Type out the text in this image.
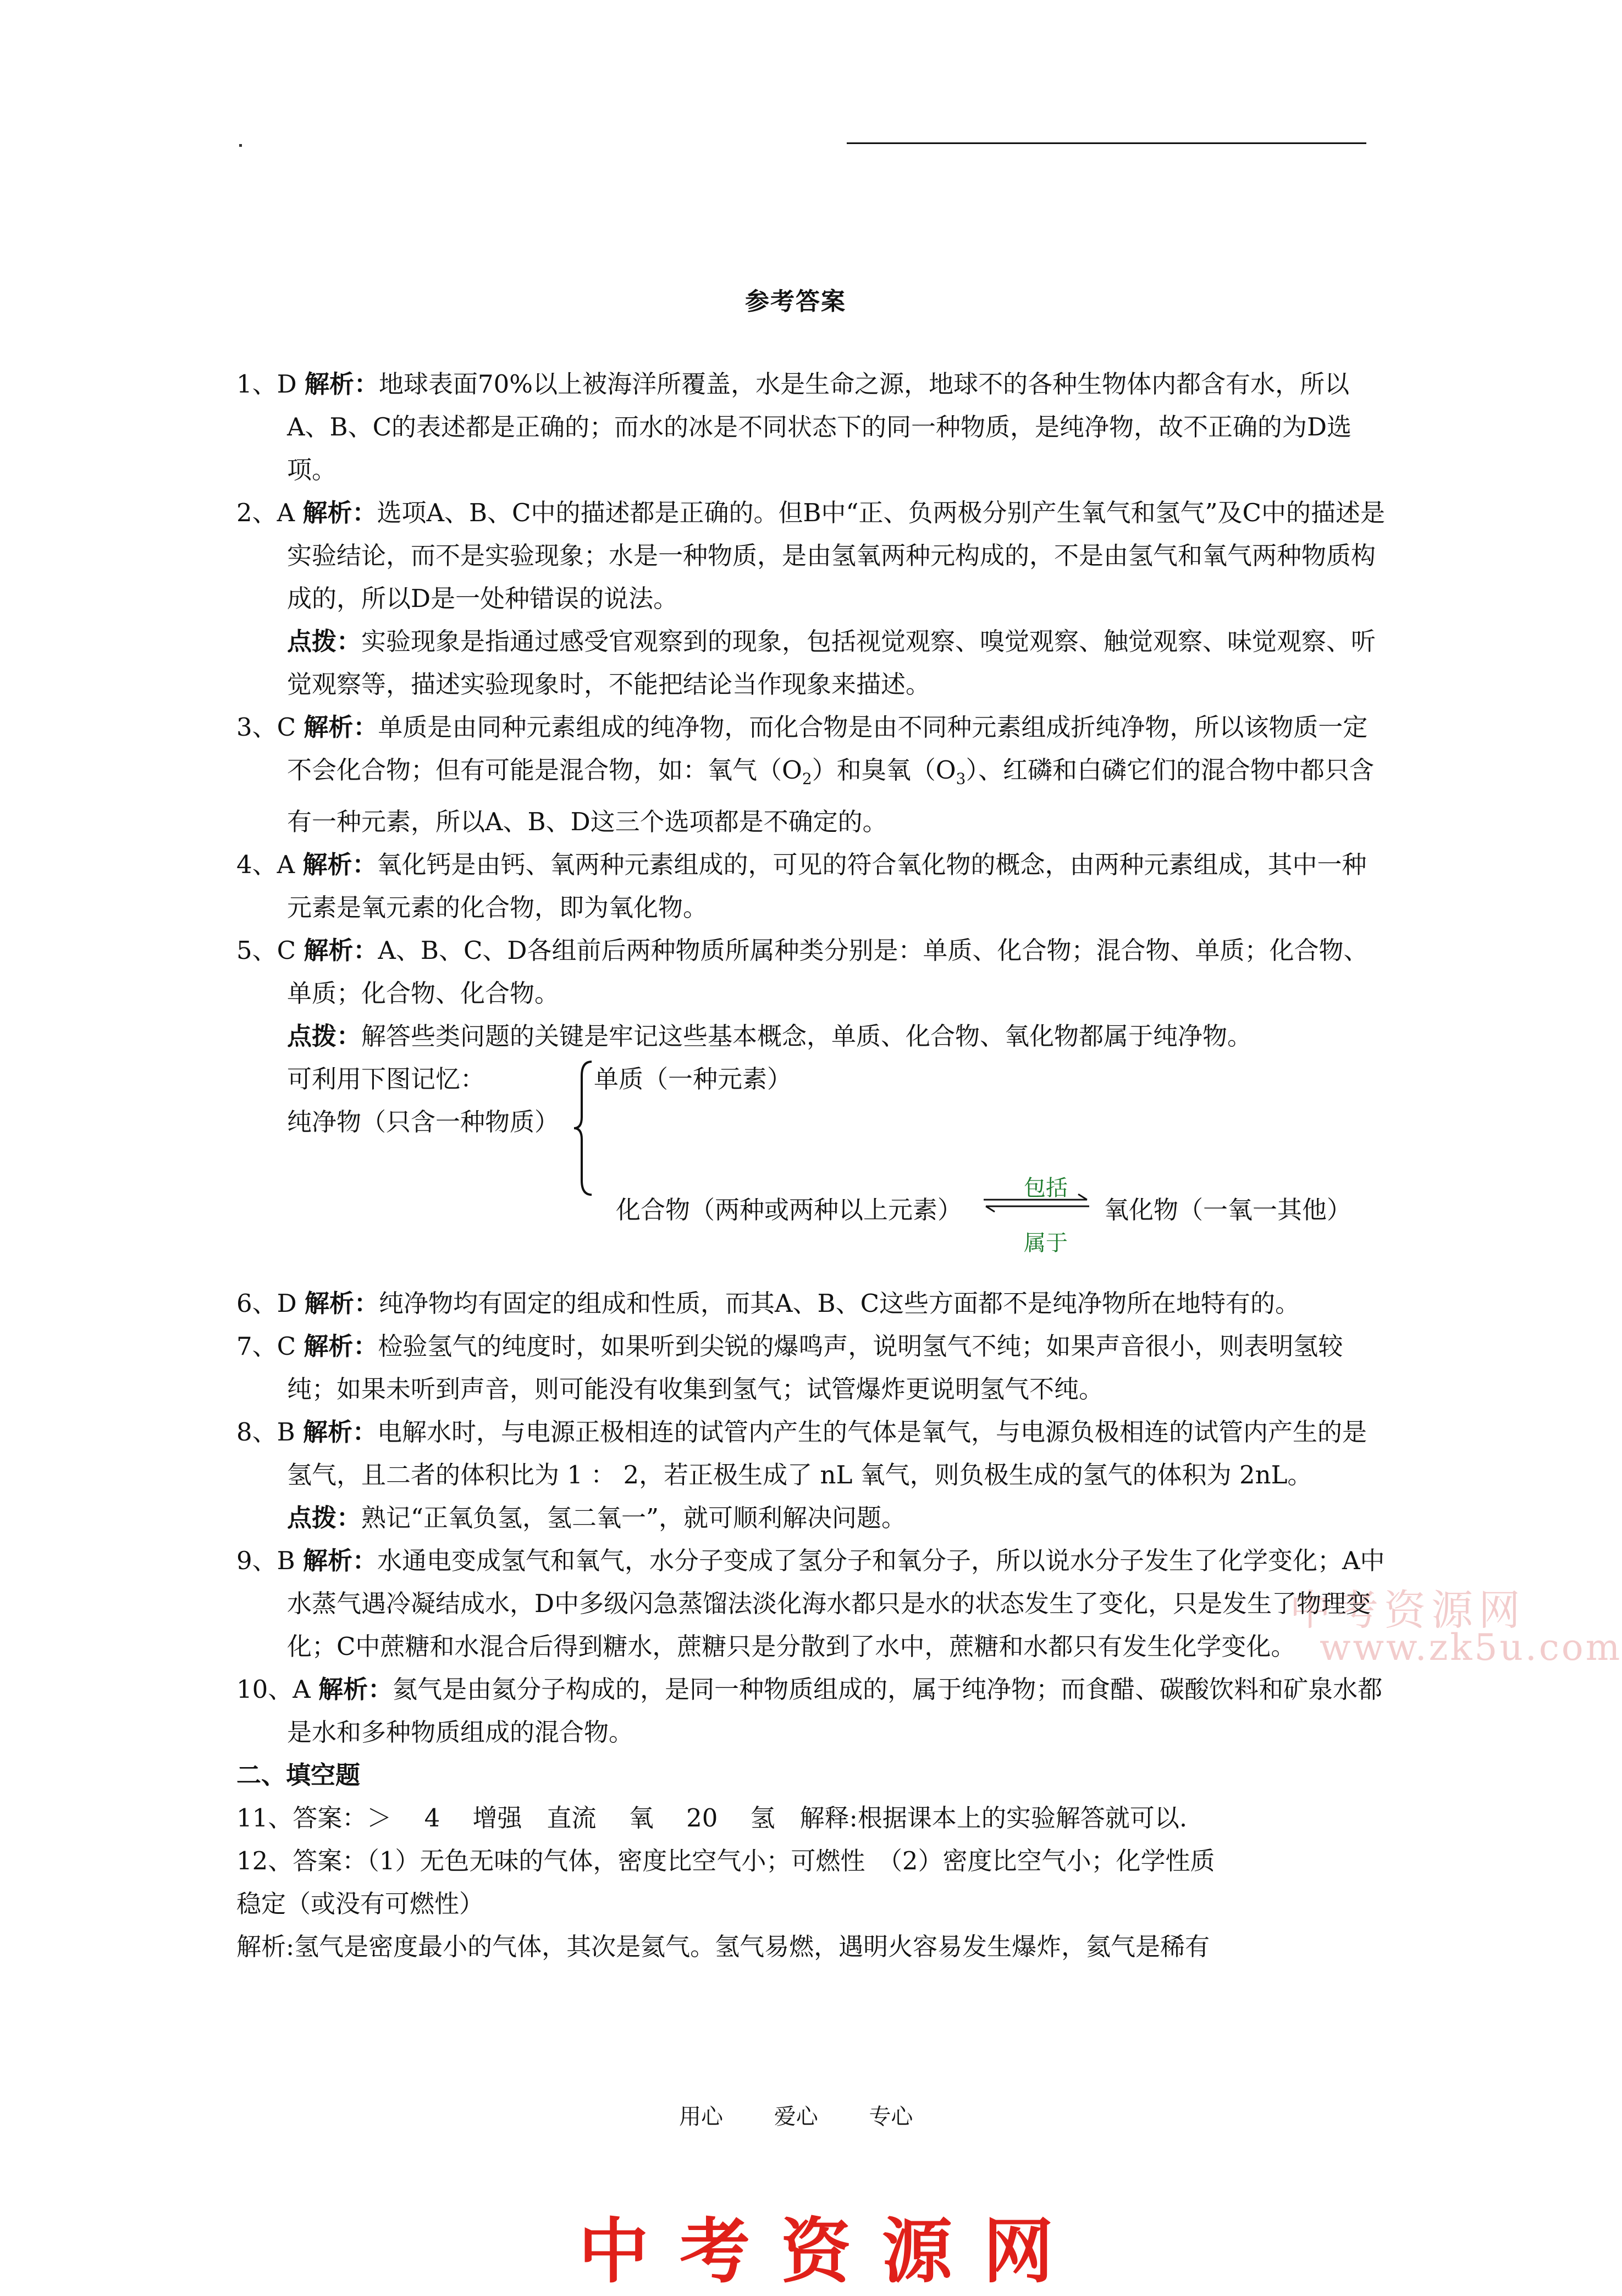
参考答案
中考资源网
www.zk5u.com
1、D 解析：地球表面70%以上被海洋所覆盖，水是生命之源，地球不的各种生物体内都含有水，所以A、B、C的表述都是正确的；而水的冰是不同状态下的同一种物质，是纯净物，故不正确的为D选项。
2、A 解析：选项A、B、C中的描述都是正确的。但B中“正、负两极分别产生氧气和氢气”及C中的描述是实验结论，而不是实验现象；水是一种物质，是由氢氧两种元构成的，不是由氢气和氧气两种物质构成的，所以D是一处种错误的说法。
点拨：实验现象是指通过感受官观察到的现象，包括视觉观察、嗅觉观察、触觉观察、味觉观察、听觉观察等，描述实验现象时，不能把结论当作现象来描述。
3、C 解析：单质是由同种元素组成的纯净物，而化合物是由不同种元素组成折纯净物，所以该物质一定不会化合物；但有可能是混合物，如：氧气$(O_2)$和臭氧$(O_3)$、红磷和白磷它们的混合物中都只含有一种元素，所以A、B、D这三个选项都是不确定的。
4、A 解析：氧化钙是由钙、氧两种元素组成的，可见的符合氧化物的概念，由两种元素组成，其中一种元素是氧元素的化合物，即为氧化物。
5、C 解析：A、B、C、D各组前后两种物质所属种类分别是：单质、化合物；混合物、单质；化合物、单质；化合物、化合物。
点拨：解答些类问题的关键是牢记这些基本概念，单质、化合物、氧化物都属于纯净物。
可利用下图记忆：
纯净物（只含一种物质）
单质（一种元素）
化合物（两种或两种以上元素）
包括
属于
氧化物（一氧一其他）
6、D 解析：纯净物均有固定的组成和性质，而其A、B、C这些方面都不是纯净物所在地特有的。
7、C 解析：检验氢气的纯度时，如果听到尖锐的爆鸣声，说明氢气不纯；如果声音很小，则表明氢较纯；如果未听到声音，则可能没有收集到氢气；试管爆炸更说明氢气不纯。
8、B 解析：电解水时，与电源正极相连的试管内产生的气体是氧气，与电源负极相连的试管内产生的是氢气，且二者的体积比为 1 ： 2，若正极生成了 nL 氧气，则负极生成的氢气的体积为 2nL。
点拨：熟记“正氧负氢，氢二氧一”，就可顺利解决问题。
9、B 解析：水通电变成氢气和氧气，水分子变成了氢分子和氧分子，所以说水分子发生了化学变化；A中水蒸气遇冷凝结成水，D中多级闪急蒸馏法淡化海水都只是水的状态发生了变化，只是发生了物理变化；C中蔗糖和水混合后得到糖水，蔗糖只是分散到了水中，蔗糖和水都只有发生化学变化。
10、A 解析：氦气是由氦分子构成的，是同一种物质组成的，属于纯净物；而食醋、碳酸饮料和矿泉水都是水和多种物质组成的混合物。
二、填空题
11、答案：＞　 4　 增强　直流　 氧　 20　 氢　解释:根据课本上的实验解答就可以.
12、答案：（1）无色无味的气体，密度比空气小；可燃性　（2）密度比空气小；化学性质
稳定（或没有可燃性）
解析:氢气是密度最小的气体，其次是氦气。氢气易燃，遇明火容易发生爆炸，氦气是稀有
用心 爱心 专心
中考资源网
